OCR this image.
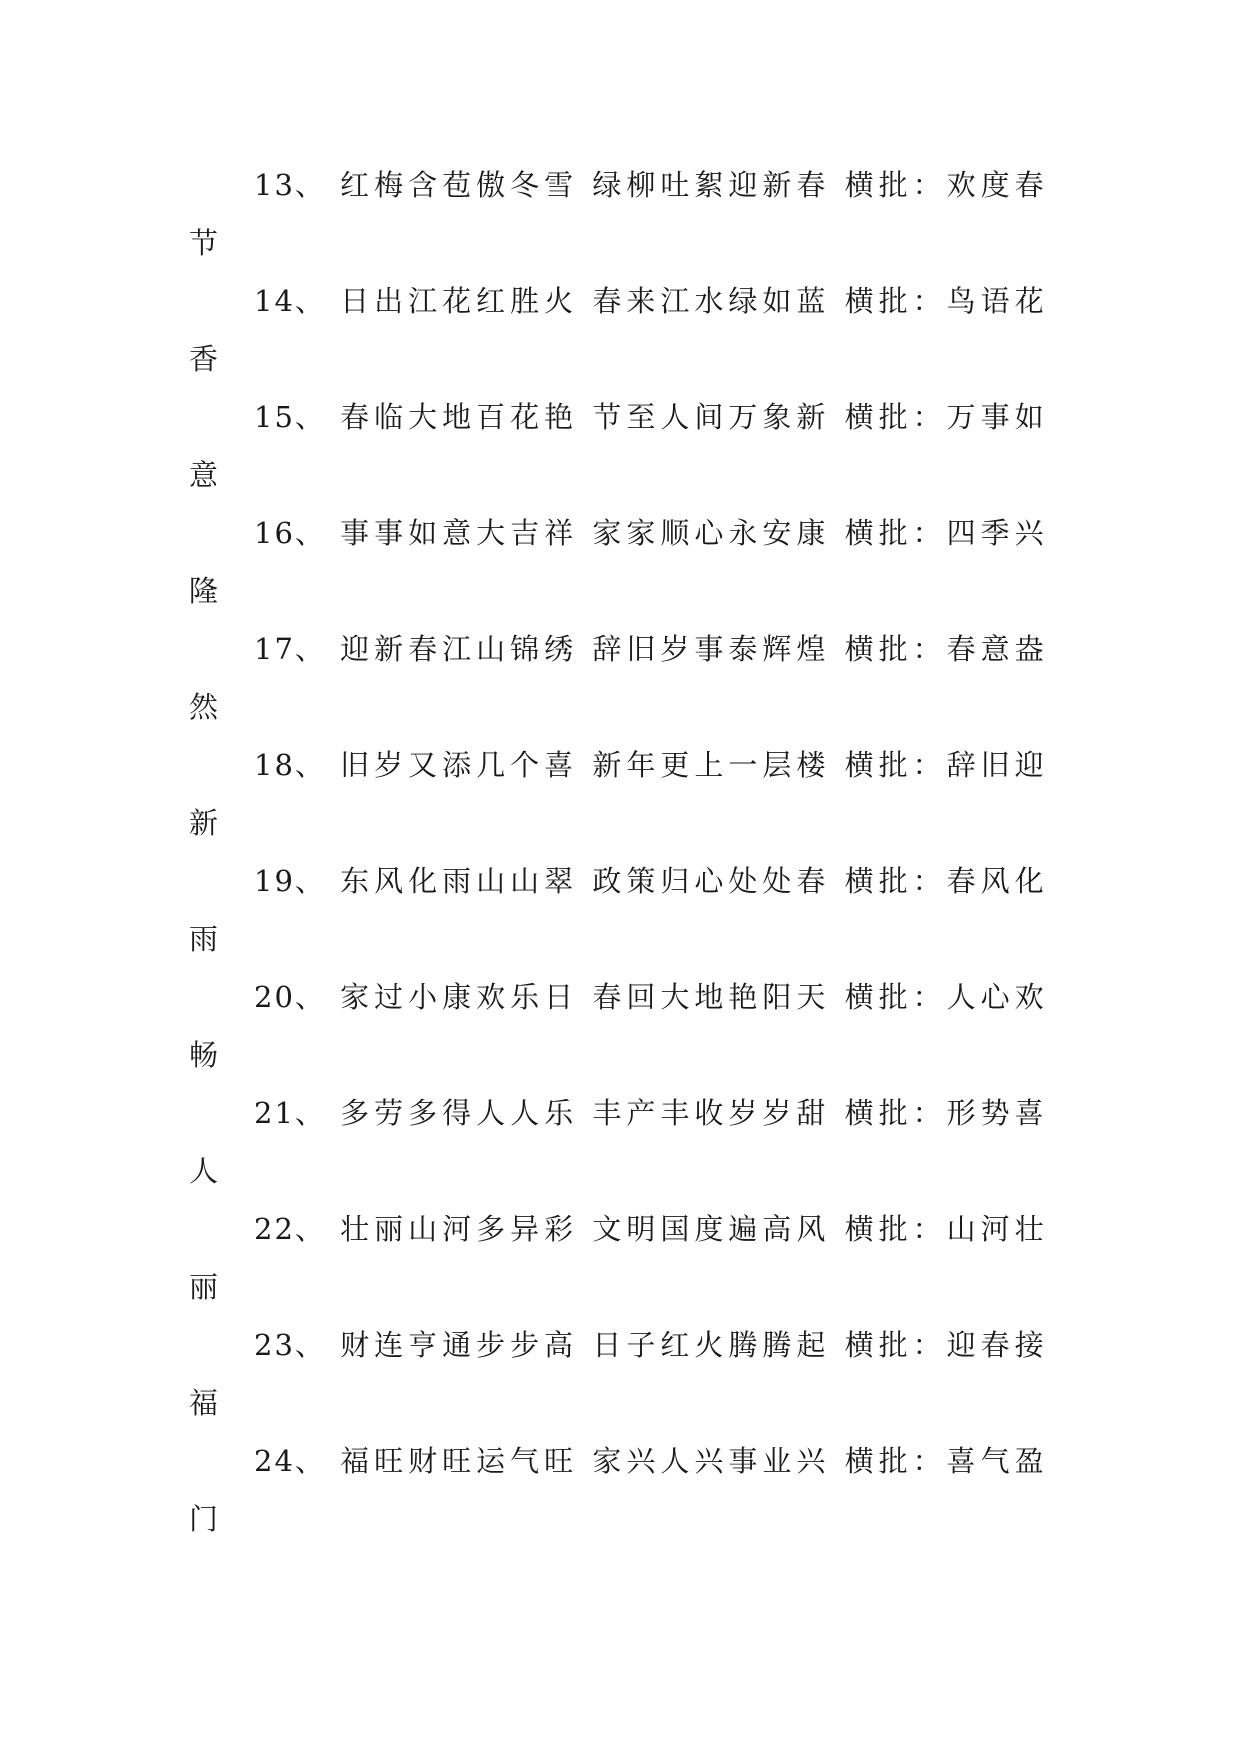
13、 红梅含苞傲冬雪 绿柳吐絮迎新春 横批：欢度春节

14、 日出江花红胜火 春来江水绿如蓝 横批：鸟语花香

15、 春临大地百花艳 节至人间万象新 横批：万事如意

16、 事事如意大吉祥 家家顺心永安康 横批：四季兴隆

17、 迎新春江山锦绣 辞旧岁事泰辉煌 横批：春意盎然

18、 旧岁又添几个喜 新年更上一层楼 横批：辞旧迎新

19、 东风化雨山山翠 政策归心处处春 横批：春风化雨

20、 家过小康欢乐日 春回大地艳阳天 横批：人心欢畅

21、 多劳多得人人乐 丰产丰收岁岁甜 横批：形势喜人

22、 壮丽山河多异彩 文明国度遍高风 横批：山河壮丽

23、 财连亨通步步高 日子红火腾腾起 横批：迎春接福

24、 福旺财旺运气旺 家兴人兴事业兴 横批：喜气盈门
